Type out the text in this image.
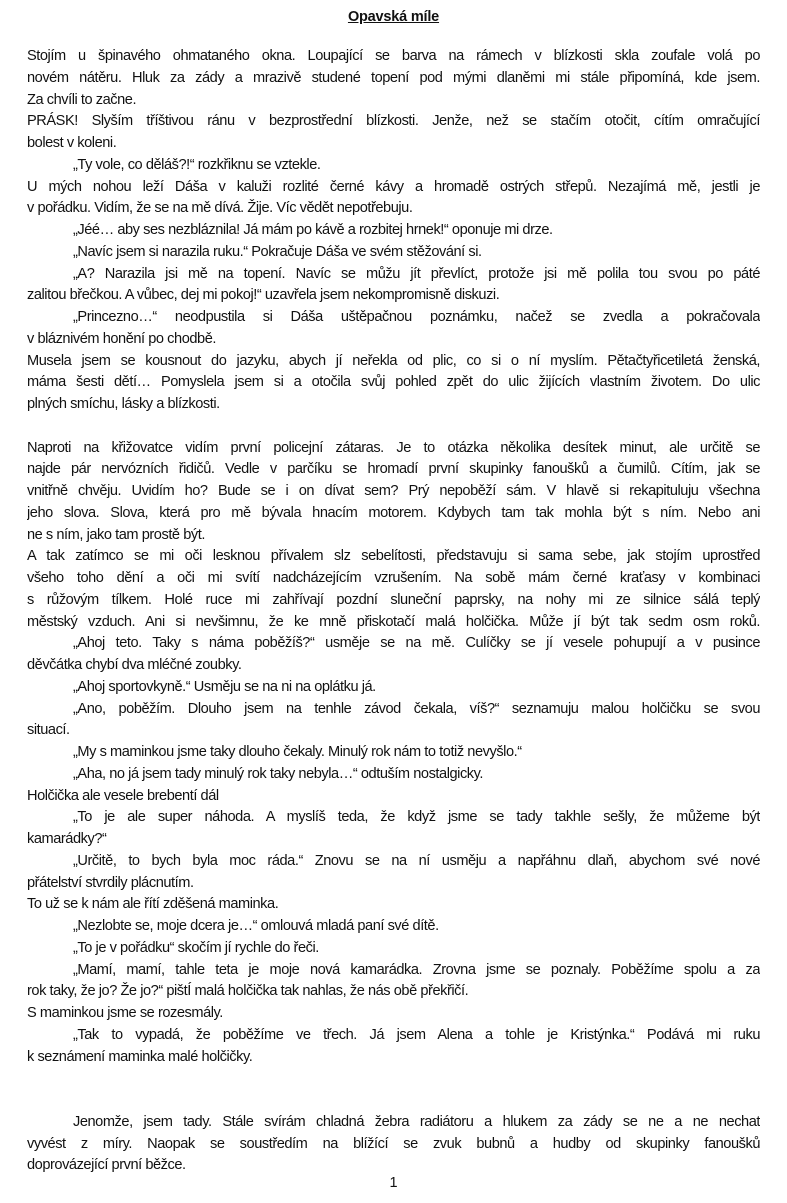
Opavská míle
Stojím u špinavého ohmataného okna. Loupající se barva na rámech v blízkosti skla zoufale volá po
novém nátěru. Hluk za zády a mrazivě studené topení pod mými dlaněmi mi stále připomíná, kde jsem.
Za chvíli to začne.
PRÁSK! Slyším tříštivou ránu v bezprostřední blízkosti. Jenže, než se stačím otočit, cítím omračující
bolest v koleni.
„Ty vole, co děláš?!“ rozkřiknu se vztekle.
U mých nohou leží Dáša v kaluži rozlité černé kávy a hromadě ostrých střepů. Nezajímá mě, jestli je
v pořádku. Vidím, že se na mě dívá. Žije. Víc vědět nepotřebuju.
„Jéé… aby ses nezbláznila! Já mám po kávě a rozbitej hrnek!“ oponuje mi drze.
„Navíc jsem si narazila ruku.“ Pokračuje Dáša ve svém stěžování si.
„A? Narazila jsi mě na topení. Navíc se můžu jít převlíct, protože jsi mě polila tou svou po páté
zalitou břečkou. A vůbec, dej mi pokoj!“ uzavřela jsem nekompromisně diskuzi.
„Princezno…“ neodpustila si Dáša uštěpačnou poznámku, načež se zvedla a pokračovala
v bláznivém honění po chodbě.
Musela jsem se kousnout do jazyku, abych jí neřekla od plic, co si o ní myslím. Pětačtyřicetiletá ženská,
máma šesti dětí… Pomyslela jsem si a otočila svůj pohled zpět do ulic žijících vlastním životem. Do ulic
plných smíchu, lásky a blízkosti.
Naproti na křižovatce vidím první policejní zátaras. Je to otázka několika desítek minut, ale určitě se
najde pár nervózních řidičů. Vedle v parčíku se hromadí první skupinky fanoušků a čumilů. Cítím, jak se
vnitřně chvěju. Uvidím ho? Bude se i on dívat sem? Prý nepoběží sám. V hlavě si rekapituluju všechna
jeho slova. Slova, která pro mě bývala hnacím motorem. Kdybych tam tak mohla být s ním. Nebo ani
ne s ním, jako tam prostě být.
A tak zatímco se mi oči lesknou přívalem slz sebelítosti, představuju si sama sebe, jak stojím uprostřed
všeho toho dění a oči mi svítí nadcházejícím vzrušením. Na sobě mám černé kraťasy v kombinaci
s růžovým tílkem. Holé ruce mi zahřívají pozdní sluneční paprsky, na nohy mi ze silnice sálá teplý
městský vzduch. Ani si nevšimnu, že ke mně přiskotačí malá holčička. Může jí být tak sedm osm roků.
„Ahoj teto. Taky s náma poběžíš?“ usměje se na mě. Culíčky se jí vesele pohupují a v pusince
děvčátka chybí dva mléčné zoubky.
„Ahoj sportovkyně.“ Usměju se na ni na oplátku já.
„Ano, poběžím. Dlouho jsem na tenhle závod čekala, víš?“ seznamuju malou holčičku se svou
situací.
„My s maminkou jsme taky dlouho čekaly. Minulý rok nám to totiž nevyšlo.“
„Aha, no já jsem tady minulý rok taky nebyla…“ odtuším nostalgicky.
Holčička ale vesele brebentí dál
„To je ale super náhoda. A myslíš teda, že když jsme se tady takhle sešly, že můžeme být
kamarádky?“
„Určitě, to bych byla moc ráda.“ Znovu se na ní usměju a napřáhnu dlaň, abychom své nové
přátelství stvrdily plácnutím.
To už se k nám ale řítí zděšená maminka.
„Nezlobte se, moje dcera je…“ omlouvá mladá paní své dítě.
„To je v pořádku“ skočím jí rychle do řeči.
„Mamí, mamí, tahle teta je moje nová kamarádka. Zrovna jsme se poznaly. Poběžíme spolu a za
rok taky, že jo? Že jo?“ pištÍ malá holčička tak nahlas, že nás obě překřičí.
S maminkou jsme se rozesmály.
„Tak to vypadá, že poběžíme ve třech. Já jsem Alena a tohle je Kristýnka.“ Podává mi ruku
k seznámení maminka malé holčičky.
Jenomže, jsem tady. Stále svírám chladná žebra radiátoru a hlukem za zády se ne a ne nechat
vyvést z míry. Naopak se soustředím na blížící se zvuk bubnů a hudby od skupinky fanoušků
doprovázející první běžce.
1
